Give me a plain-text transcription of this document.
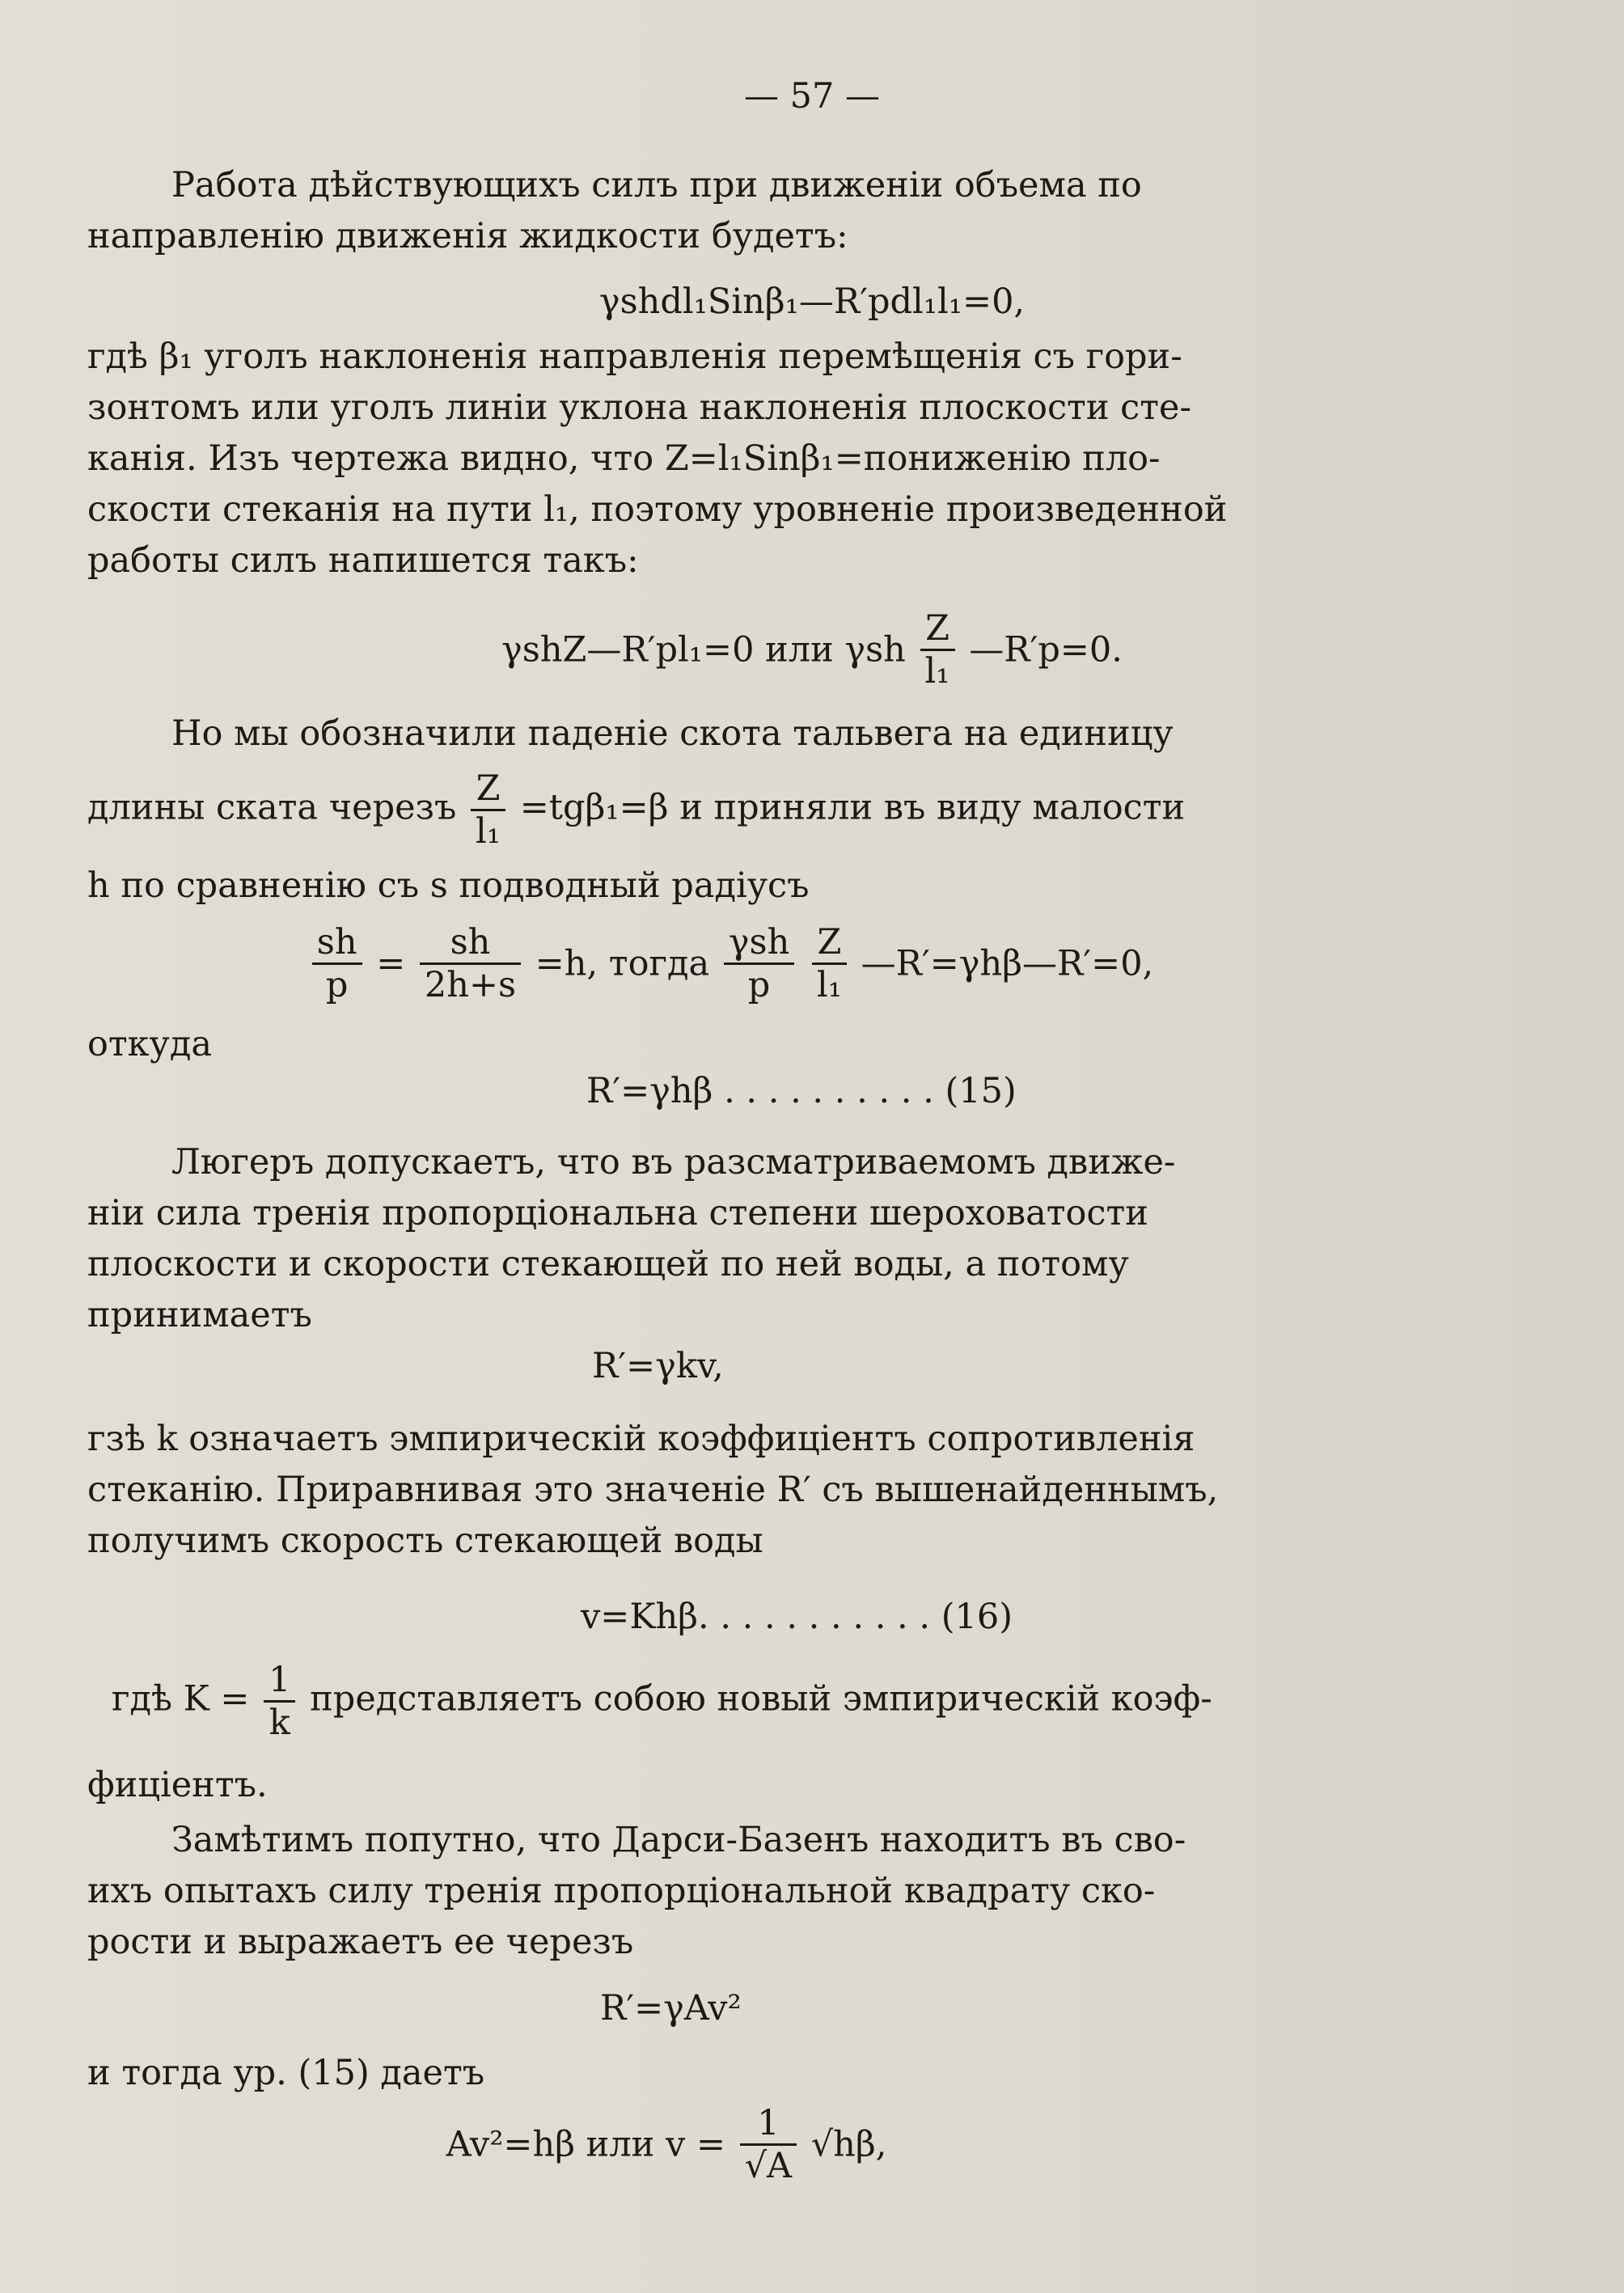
— 57 —
Работа дѣйствующихъ силъ при движенiи объема по
направленiю движенiя жидкости будетъ:
γshdl₁Sinβ₁—R′pdl₁l₁=0,
гдѣ β₁ уголъ наклоненiя направленiя перемѣщенiя съ гори-
зонтомъ или уголъ линiи уклона наклоненiя плоскости сте-
канiя. Изъ чертежа видно, что Z=l₁Sinβ₁=пониженiю пло-
скости стеканiя на пути l₁, поэтому уровненiе произведенной
работы силъ напишется такъ:
γshZ—R′pl₁=0 или γsh $\frac{Z}{\text{l₁}}$ —R′p=0.
Но мы обозначили паденiе скота тальвега на единицу
длины ската черезъ $\frac{Z}{\text{l₁}} =tg\beta_1=\beta$ и приняли въ виду малости
h по сравненiю съ s подводный радiусъ
$\frac{sh}{p} = \frac{sh}{2h+s} =h$, тогда $\frac{\text{γsh}}{p}$
$\frac{Z}{\text{l₁}}$ —R′=γhβ—R′=0,
откуда
R′=γhβ . . . . . . . . . . (15)
Люгеръ допускаетъ, что въ разсматриваемомъ движе-
нiи сила тренiя пропорцiональна степени шероховатости
плоскости и скорости стекающей по ней воды, а потому
принимаетъ
R′=γkv,
гзѣ k означаетъ эмпирическiй коэффицiентъ сопротивленiя
стеканiю. Приравнивая это значенiе R′ съ вышенайденнымъ,
получимъ скорость стекающей воды
v=Khβ. . . . . . . . . . . (16)
гдѣ $K = \frac{1}{k}$ представляетъ собою новый эмпирическiй коэф-
фицiентъ.
Замѣтимъ попутно, что Дарси-Базенъ находитъ въ сво-
ихъ опытахъ силу тренiя пропорцiональной квадрату ско-
рости и выражаетъ ее черезъ
R′=γAv²
и тогда ур. (15) даетъ
Av²=hβ или $v = \frac{1}{√A} √h\beta$,
